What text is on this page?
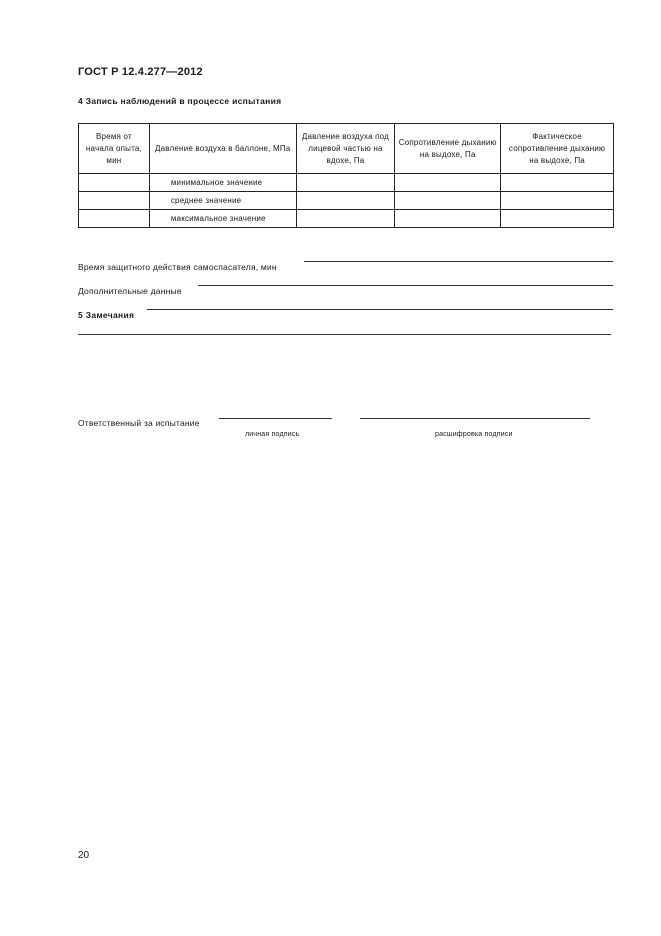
ГОСТ Р 12.4.277—2012
4 Запись наблюдений в процессе испытания
Время от начала опыта, мин	Давление воздуха в баллоне, МПа	Давление воздуха под лицевой частью на вдохе, Па	Сопротивление дыханию на выдохе, Па	Фактическое сопротивление дыханию на выдохе, Па
	минимальное значение			
	среднее значение			
	максимальное значение			
Время защитного действия самоспасателя, мин
Дополнительные данные
5 Замечания
Ответственный за испытание
личная подпись	расшифровка подписи
20
